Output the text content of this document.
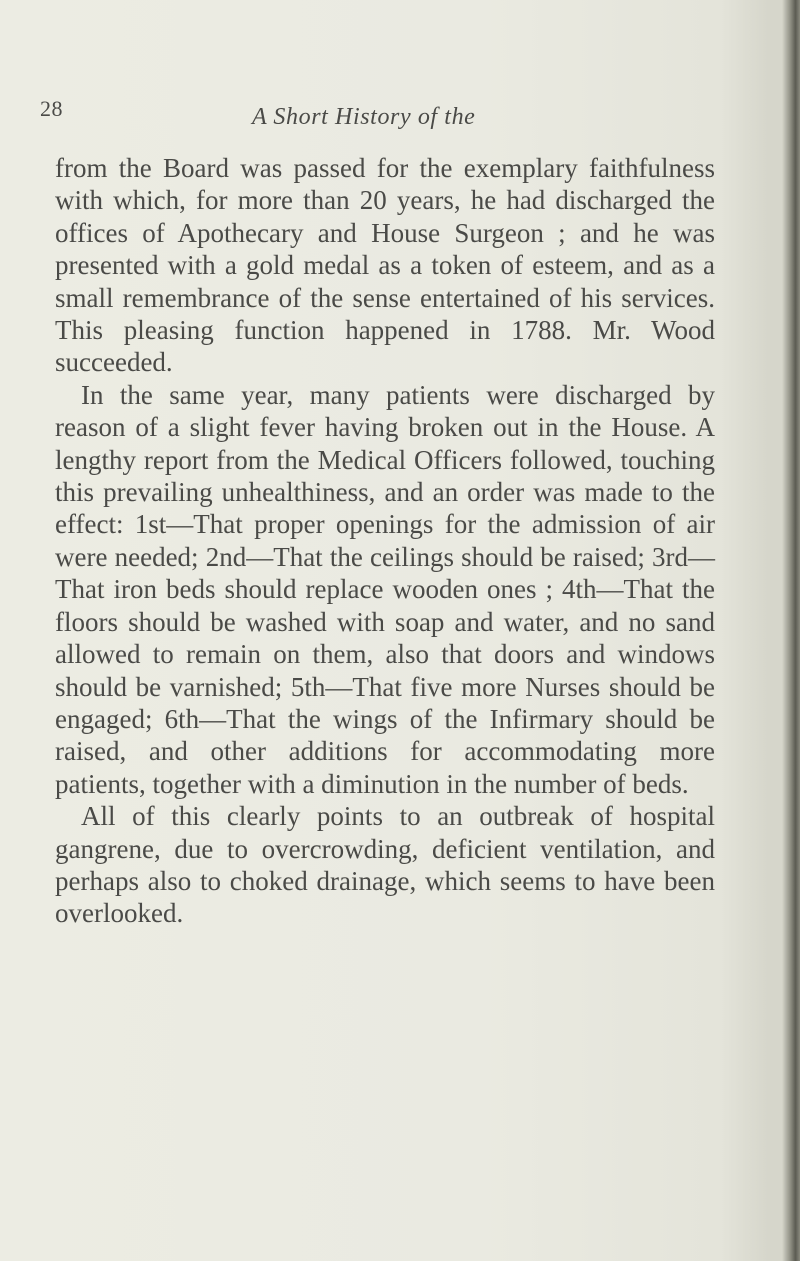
28	A Short History of the

from the Board was passed for the exemplary faithfulness with which, for more than 20 years, he had discharged the offices of Apothecary and House Surgeon ; and he was presented with a gold medal as a token of esteem, and as a small remembrance of the sense entertained of his services. This pleasing function happened in 1788. Mr. Wood succeeded.

In the same year, many patients were discharged by reason of a slight fever having broken out in the House. A lengthy report from the Medical Officers followed, touching this prevailing unhealthiness, and an order was made to the effect: 1st—That proper openings for the admission of air were needed; 2nd—That the ceilings should be raised; 3rd—That iron beds should replace wooden ones ; 4th—That the floors should be washed with soap and water, and no sand allowed to remain on them, also that doors and windows should be varnished; 5th—That five more Nurses should be engaged; 6th—That the wings of the Infirmary should be raised, and other additions for accommodating more patients, together with a diminution in the number of beds.

All of this clearly points to an outbreak of hospital gangrene, due to overcrowding, deficient ventilation, and perhaps also to choked drainage, which seems to have been overlooked.
